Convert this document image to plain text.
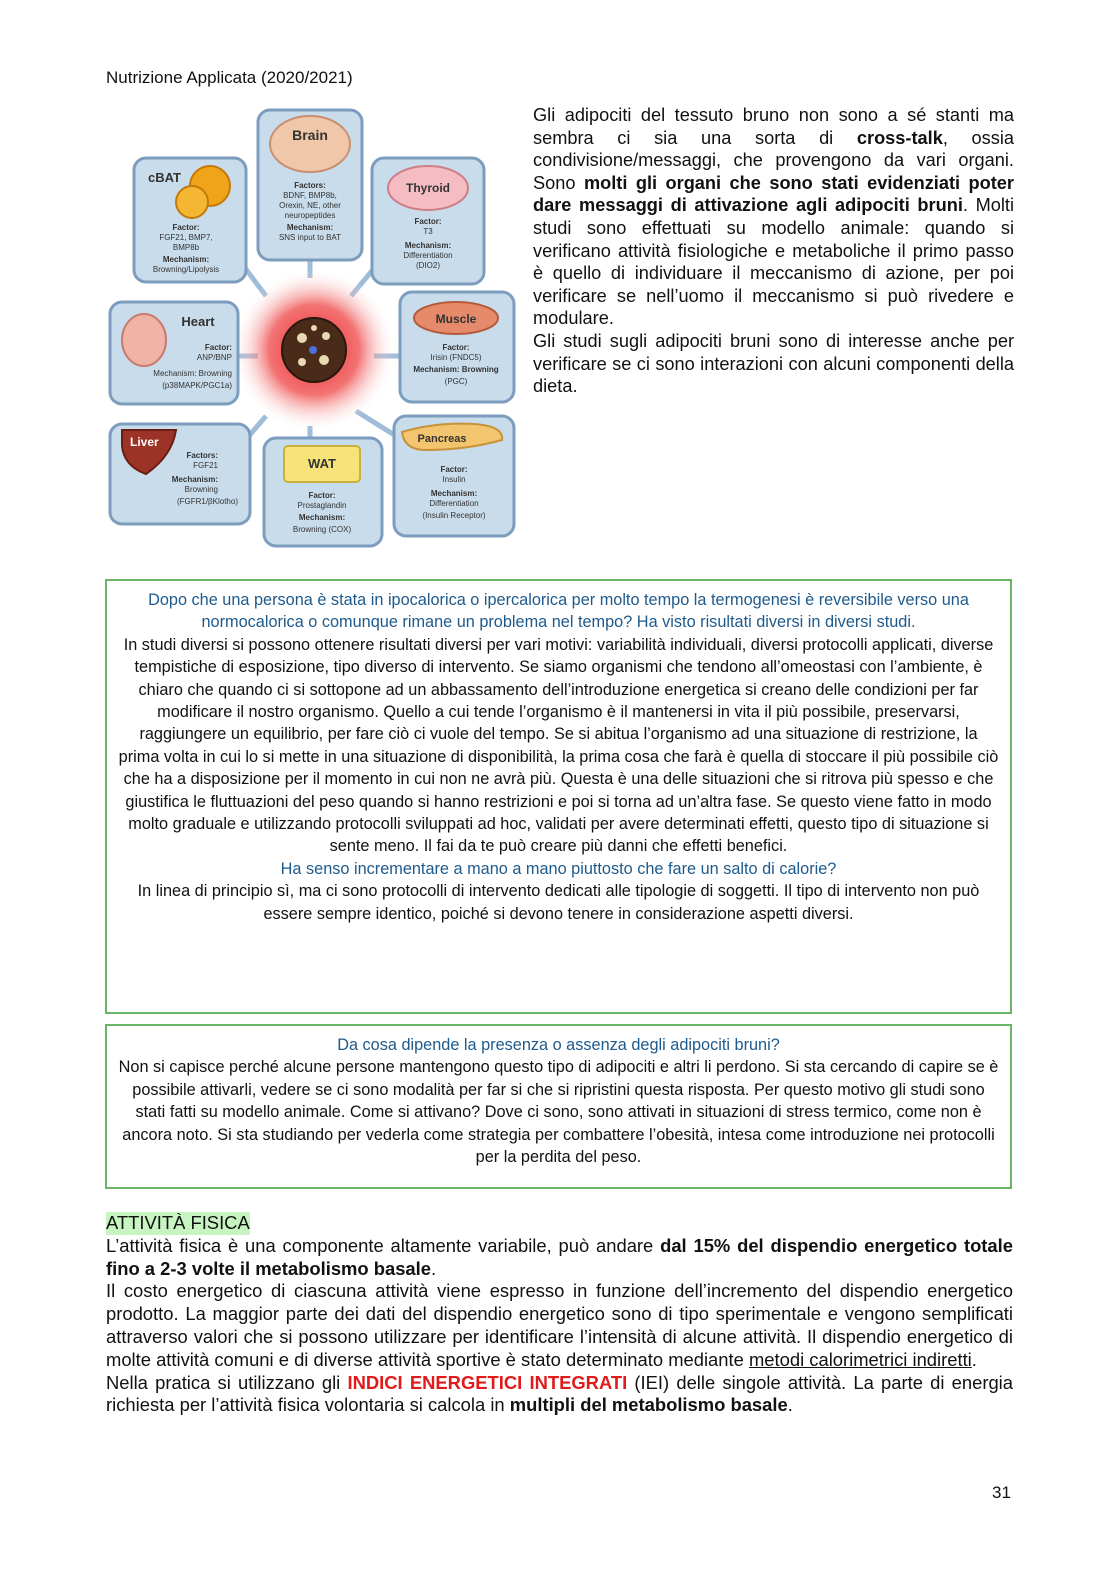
Nutrizione Applicata (2020/2021)
Brain
Factors:
BDNF, BMP8b,
Orexin, NE, other
neuropeptides
Mechanism:
SNS input to BAT
cBAT
Factor:
FGF21, BMP7,
BMP8b
Mechanism:
Browning/Lipolysis
Thyroid
Factor:
T3
Mechanism:
Differentiation
(DIO2)
Heart
Factor:
ANP/BNP
Mechanism: Browning
(p38MAPK/PGC1a)
Muscle
Factor:
Irisin (FNDC5)
Mechanism: Browning
(PGC)
Liver
Factors:
FGF21
Mechanism:
Browning
(FGFR1/βKlotho)
WAT
Factor:
Prostaglandin
Mechanism:
Browning (COX)
Pancreas
Factor:
Insulin
Mechanism:
Differentiation
(Insulin Receptor)

Gli adipociti del tessuto bruno non sono a sé stanti ma sembra ci sia una sorta di cross-talk, ossia condivisione/messaggi, che provengono da vari organi. Sono molti gli organi che sono stati evidenziati poter dare messaggi di attivazione agli adipociti bruni. Molti studi sono effettuati su modello animale: quando si verificano attività fisiologiche e metaboliche il primo passo è quello di individuare il meccanismo di azione, per poi verificare se nell’uomo il meccanismo si può rivedere e modulare.

Gli studi sugli adipociti bruni sono di interesse anche per verificare se ci sono interazioni con alcuni componenti della dieta.

Dopo che una persona è stata in ipocalorica o ipercalorica per molto tempo la termogenesi è reversibile verso una normocalorica o comunque rimane un problema nel tempo? Ha visto risultati diversi in diversi studi.

In studi diversi si possono ottenere risultati diversi per vari motivi: variabilità individuali, diversi protocolli applicati, diverse tempistiche di esposizione, tipo diverso di intervento. Se siamo organismi che tendono all’omeostasi con l’ambiente, è chiaro che quando ci si sottopone ad un abbassamento dell’introduzione energetica si creano delle condizioni per far modificare il nostro organismo. Quello a cui tende l’organismo è il mantenersi in vita il più possibile, preservarsi, raggiungere un equilibrio, per fare ciò ci vuole del tempo. Se si abitua l’organismo ad una situazione di restrizione, la prima volta in cui lo si mette in una situazione di disponibilità, la prima cosa che farà è quella di stoccare il più possibile ciò che ha a disposizione per il momento in cui non ne avrà più. Questa è una delle situazioni che si ritrova più spesso e che giustifica le fluttuazioni del peso quando si hanno restrizioni e poi si torna ad un’altra fase. Se questo viene fatto in modo molto graduale e utilizzando protocolli sviluppati ad hoc, validati per avere determinati effetti, questo tipo di situazione si sente meno. Il fai da te può creare più danni che effetti benefici.

Ha senso incrementare a mano a mano piuttosto che fare un salto di calorie?

In linea di principio sì, ma ci sono protocolli di intervento dedicati alle tipologie di soggetti. Il tipo di intervento non può essere sempre identico, poiché si devono tenere in considerazione aspetti diversi.

Da cosa dipende la presenza o assenza degli adipociti bruni?

Non si capisce perché alcune persone mantengono questo tipo di adipociti e altri li perdono. Si sta cercando di capire se è possibile attivarli, vedere se ci sono modalità per far si che si ripristini questa risposta. Per questo motivo gli studi sono stati fatti su modello animale. Come si attivano? Dove ci sono, sono attivati in situazioni di stress termico, come non è ancora noto. Si sta studiando per vederla come strategia per combattere l’obesità, intesa come introduzione nei protocolli per la perdita del peso.

ATTIVITÀ FISICA

L’attività fisica è una componente altamente variabile, può andare dal 15% del dispendio energetico totale fino a 2-3 volte il metabolismo basale.

Il costo energetico di ciascuna attività viene espresso in funzione dell’incremento del dispendio energetico prodotto. La maggior parte dei dati del dispendio energetico sono di tipo sperimentale e vengono semplificati attraverso valori che si possono utilizzare per identificare l’intensità di alcune attività. Il dispendio energetico di molte attività comuni e di diverse attività sportive è stato determinato mediante metodi calorimetrici indiretti.

Nella pratica si utilizzano gli INDICI ENERGETICI INTEGRATI (IEI) delle singole attività. La parte di energia richiesta per l’attività fisica volontaria si calcola in multipli del metabolismo basale.

31
